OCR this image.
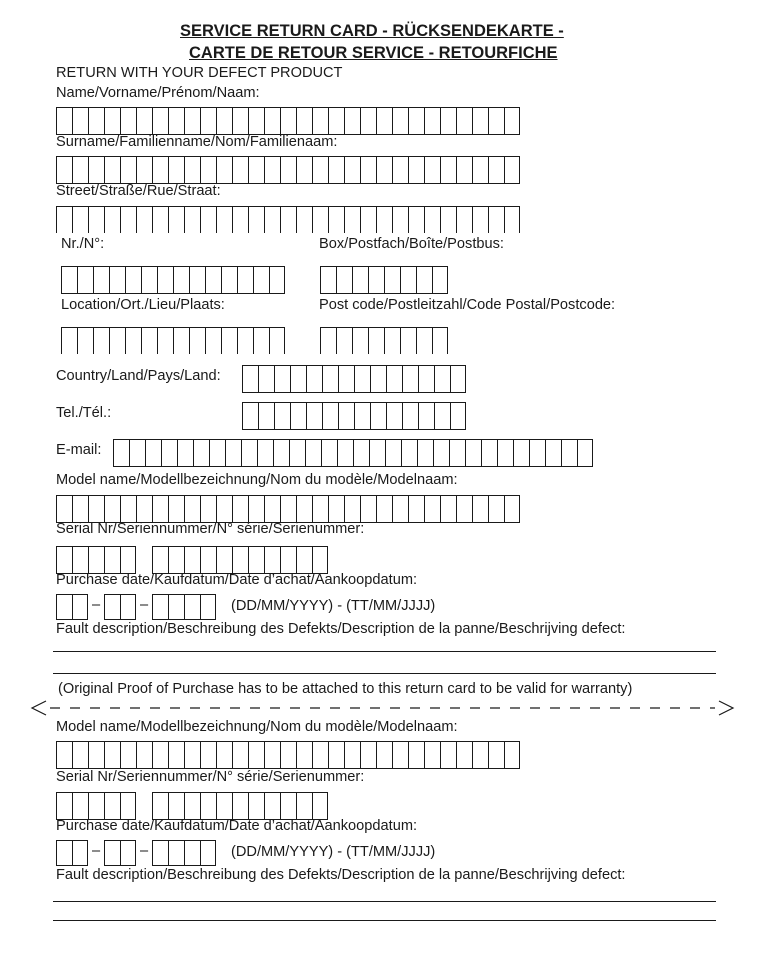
SERVICE RETURN CARD - RÜCKSENDEKARTE -
CARTE DE RETOUR SERVICE - RETOURFICHE
RETURN WITH YOUR DEFECT PRODUCT
Name/Vorname/Prénom/Naam:
Surname/Familienname/Nom/Familienaam:
Street/Straße/Rue/Straat:
Nr./N°:	Box/Postfach/Boîte/Postbus:
Location/Ort./Lieu/Plaats:	Post code/Postleitzahl/Code Postal/Postcode:
Country/Land/Pays/Land:
Tel./Tél.:
E-mail:
Model name/Modellbezeichnung/Nom du modèle/Modelnaam:
Serial Nr/Seriennummer/N° série/Serienummer:
Purchase date/Kaufdatum/Date d’achat/Aankoopdatum:
–	–	(DD/MM/YYYY) - (TT/MM/JJJJ)
Fault description/Beschreibung des Defekts/Description de la panne/Beschrijving defect:
(Original Proof of Purchase has to be attached to this return card to be valid for warranty)
Model name/Modellbezeichnung/Nom du modèle/Modelnaam:
Serial Nr/Seriennummer/N° série/Serienummer:
Purchase date/Kaufdatum/Date d’achat/Aankoopdatum:
–	–	(DD/MM/YYYY) - (TT/MM/JJJJ)
Fault description/Beschreibung des Defekts/Description de la panne/Beschrijving defect:
